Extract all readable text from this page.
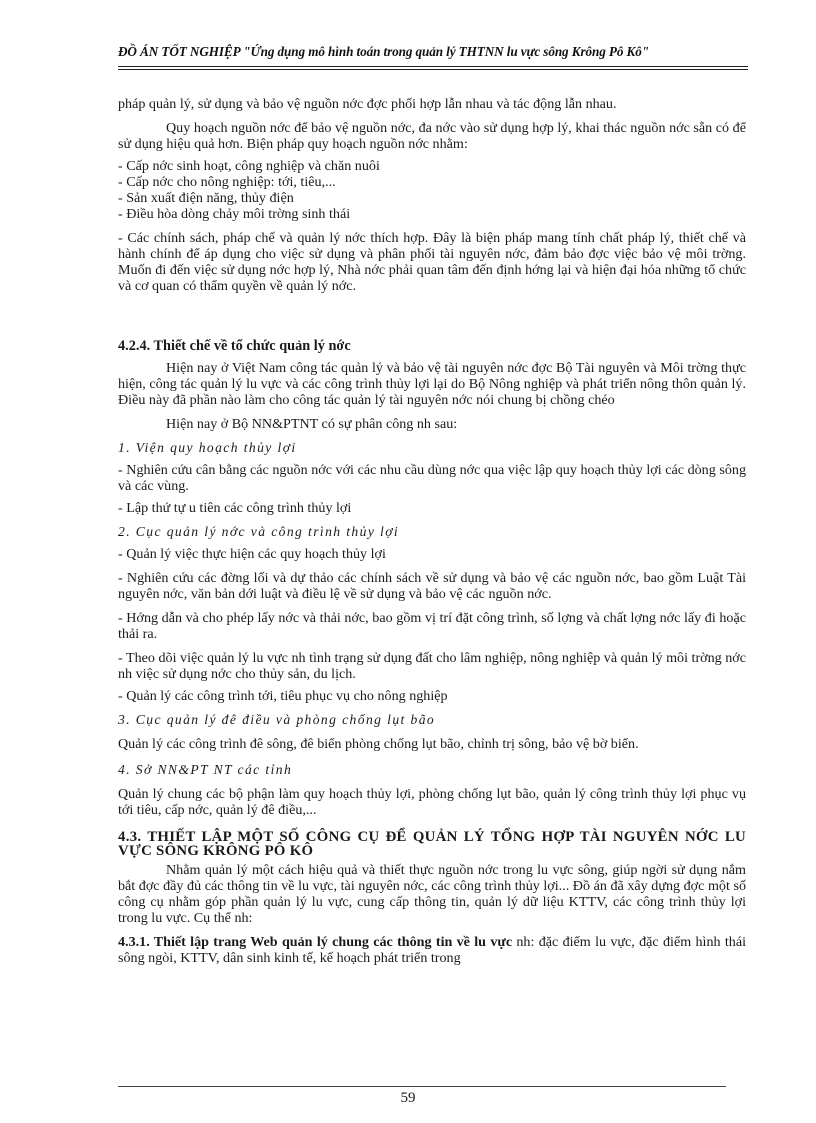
ĐỒ ÁN TỐT NGHIỆP "Ứng dụng mô hình toán trong quản lý THTNN lu vực sông Krông Pô Kô"

pháp quản lý, sử dụng và bảo vệ nguồn nớc đợc phối hợp lẫn nhau và tác động lẫn nhau.

Quy hoạch nguồn nớc để bảo vệ nguồn nớc, đa nớc vào sử dụng hợp lý, khai thác nguồn nớc sẵn có để sử dụng hiệu quả hơn. Biện pháp quy hoạch nguồn nớc nhằm:

- Cấp nớc sinh hoạt, công nghiệp và chăn nuôi

- Cấp nớc cho nông nghiệp: tới, tiêu,...

- Sản xuất điện năng, thủy điện

- Điều hòa dòng chảy môi trờng sinh thái

- Các chính sách, pháp chế và quản lý nớc thích hợp. Đây là biện pháp mang tính chất pháp lý, thiết chế và hành chính để áp dụng cho việc sử dụng và phân phối tài nguyên nớc, đảm bảo đợc việc bảo vệ môi trờng. Muốn đi đến việc sử dụng nớc hợp lý, Nhà nớc phải quan tâm đến định hớng lại và hiện đại hóa những tổ chức và cơ quan có thẩm quyền về quản lý nớc.

4.2.4. Thiết chế về tổ chức quản lý nớc

Hiện nay ở Việt Nam công tác quản lý và bảo vệ tài nguyên nớc đợc Bộ Tài nguyên và Môi trờng thực hiện, công tác quản lý lu vực và các công trình thủy lợi lại do Bộ Nông nghiệp và phát triển nông thôn quản lý. Điều này đã phần nào làm cho công tác quản lý tài nguyên nớc nói chung bị chồng chéo

Hiện nay ở Bộ NN&PTNT có sự phân công nh sau:

1. Viện quy hoạch thủy lợi

- Nghiên cứu cân bằng các nguồn nớc với các nhu cầu dùng nớc qua việc lập quy hoạch thủy lợi các dòng sông và các vùng.

- Lập thứ tự u tiên các công trình thủy lợi

2. Cục quản lý nớc và công trình thủy lợi

- Quản lý việc thực hiện các quy hoạch thủy lợi

- Nghiên cứu các đờng lối và dự thảo các chính sách về sử dụng và bảo vệ các nguồn nớc, bao gồm Luật Tài nguyên nớc, văn bản dới luật và điều lệ về sử dụng và bảo vệ các nguồn nớc.

- Hớng dẫn và cho phép lấy nớc và thải nớc, bao gồm vị trí đặt công trình, số lợng và chất lợng nớc lấy đi hoặc thải ra.

- Theo dõi việc quản lý lu vực nh tình trạng sử dụng đất cho lâm nghiệp, nông nghiệp và quản lý môi trờng nớc nh việc sử dụng nớc cho thủy sản, du lịch.

- Quản lý các công trình tới, tiêu phục vụ cho nông nghiệp

3. Cục quản lý đê điều và phòng chống lụt bão

Quản lý các công trình đê sông, đê biển phòng chống lụt bão, chỉnh trị sông, bảo vệ bờ biển.

4. Sở NN&PT NT các tỉnh

Quản lý chung các bộ phận làm quy hoạch thủy lợi, phòng chống lụt bão, quản lý công trình thủy lợi phục vụ tới tiêu, cấp nớc, quản lý đê điều,...

4.3. THIẾT LẬP MỘT SỐ CÔNG CỤ ĐỂ QUẢN LÝ TỔNG HỢP TÀI NGUYÊN NỚC LU VỰC SÔNG KRÔNG PÔ KÔ

Nhằm quản lý một cách hiệu quả và thiết thực nguồn nớc trong lu vực sông, giúp ngời sử dụng nắm bắt đợc đầy đủ các thông tin về lu vực, tài nguyên nớc, các công trình thủy lợi... Đồ án đã xây dựng đợc một số công cụ nhằm góp phần quản lý lu vực, cung cấp thông tin, quản lý dữ liệu KTTV, các công trình thủy lợi trong lu vực. Cụ thể nh:

4.3.1. Thiết lập trang Web quản lý chung các thông tin về lu vực nh: đặc điểm lu vực, đặc điểm hình thái sông ngòi, KTTV, dân sinh kinh tế, kế hoạch phát triển trong

59
